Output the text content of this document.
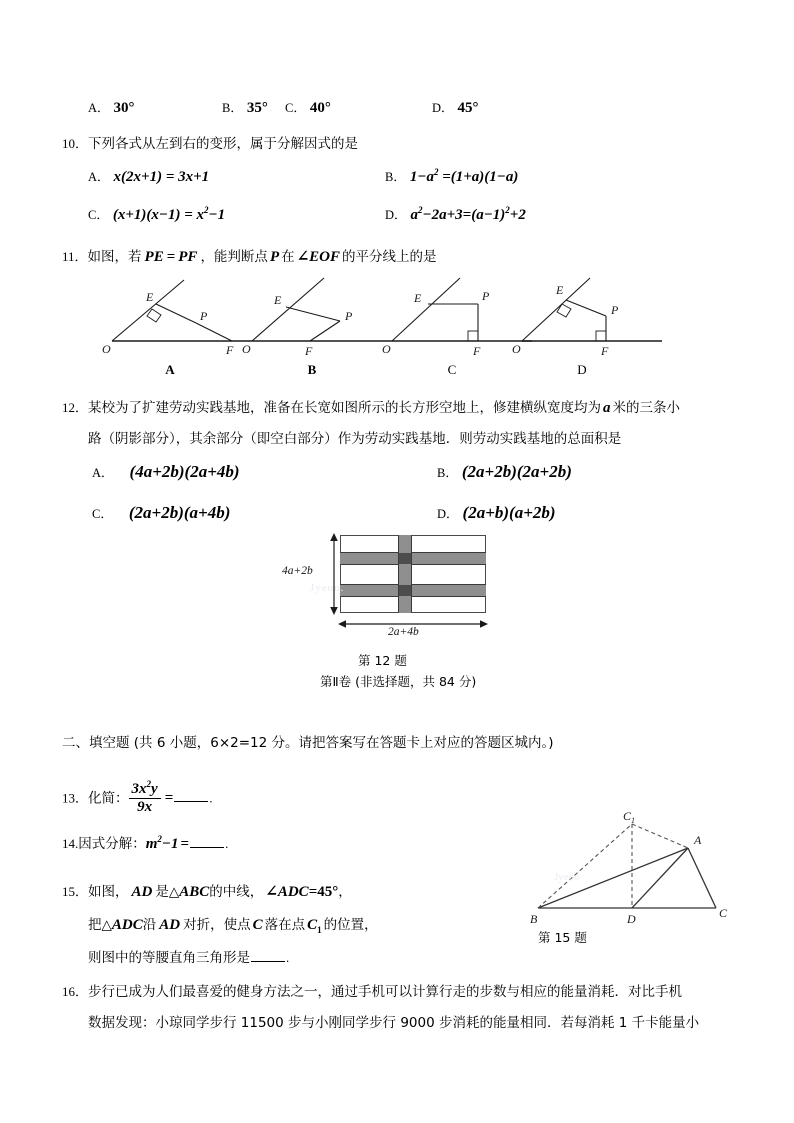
A． 30°	B． 35° C． 40°	D． 45°
10．下列各式从左到右的变形，属于分解因式的是
A． x(2x+1) = 3x+1	B． $1-a^2 =(1+a)(1-a)$
C． $(x+1)(x-1) = x^2-1$	D． $a^2-2a+3=(a-1)^2+2$
11．如图，若 PE = PF ，能判断点 P 在 ∠EOF 的平分线上的是
E
P
O	F
A
E
P
O	F
B
E	P
O	F
C
E
P
O	F
D
12．某校为了扩建劳动实践基地，准备在长宽如图所示的长方形空地上，修建横纵宽度均为 a 米的三条小
路（阴影部分），其余部分（即空白部分）作为劳动实践基地．则劳动实践基地的总面积是
A． (4a+2b)(2a+4b)	B． (2a+2b)(2a+2b)
C． (2a+2b)(a+4b)	D． (2a+b)(a+2b)
Jyeoo.
4a+2b
2a+4b
第 12 题
第Ⅱ卷 (非选择题，共 84 分)
二、填空题 (共 6 小题，6×2=12 分。请把答案写在答题卡上对应的答题区城内。)
13．化简： $\frac{3x^2y}{9x}$ =	.
14.因式分解：$m^2-1$ =	.
15．如图， AD 是△ABC的中线， ∠ADC=45°，
把△ADC沿 AD 对折，使点 C 落在点 $C_1$ 的位置，
则图中的等腰直角三角形是	.
$C_1$
A
B	D	C
Jyeoo
第 15 题
16．步行已成为人们最喜爱的健身方法之一，通过手机可以计算行走的步数与相应的能量消耗．对比手机
数据发现：小琼同学步行 11500 步与小刚同学步行 9000 步消耗的能量相同．若每消耗 1 千卡能量小
